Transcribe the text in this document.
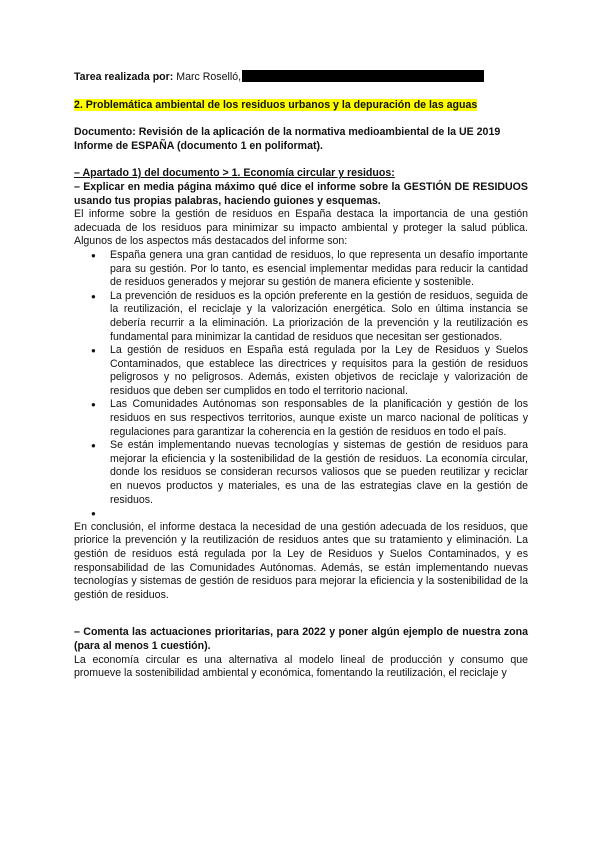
Tarea realizada por: Marc Roselló,

2. Problemática ambiental de los residuos urbanos y la depuración de las aguas

Documento: Revisión de la aplicación de la normativa medioambiental de la UE 2019

Informe de ESPAÑA (documento 1 en poliformat).

– Apartado 1) del documento > 1. Economía circular y residuos:

– Explicar en media página máximo qué dice el informe sobre la GESTIÓN DE RESIDUOS usando tus propias palabras, haciendo guiones y esquemas.

El informe sobre la gestión de residuos en España destaca la importancia de una gestión adecuada de los residuos para minimizar su impacto ambiental y proteger la salud pública. Algunos de los aspectos más destacados del informe son:

● España genera una gran cantidad de residuos, lo que representa un desafío importante para su gestión. Por lo tanto, es esencial implementar medidas para reducir la cantidad de residuos generados y mejorar su gestión de manera eficiente y sostenible.
● La prevención de residuos es la opción preferente en la gestión de residuos, seguida de la reutilización, el reciclaje y la valorización energética. Solo en última instancia se debería recurrir a la eliminación. La priorización de la prevención y la reutilización es fundamental para minimizar la cantidad de residuos que necesitan ser gestionados.
● La gestión de residuos en España está regulada por la Ley de Residuos y Suelos Contaminados, que establece las directrices y requisitos para la gestión de residuos peligrosos y no peligrosos. Además, existen objetivos de reciclaje y valorización de residuos que deben ser cumplidos en todo el territorio nacional.
● Las Comunidades Autónomas son responsables de la planificación y gestión de los residuos en sus respectivos territorios, aunque existe un marco nacional de políticas y regulaciones para garantizar la coherencia en la gestión de residuos en todo el país.
● Se están implementando nuevas tecnologías y sistemas de gestión de residuos para mejorar la eficiencia y la sostenibilidad de la gestión de residuos. La economía circular, donde los residuos se consideran recursos valiosos que se pueden reutilizar y reciclar en nuevos productos y materiales, es una de las estrategias clave en la gestión de residuos.
●

En conclusión, el informe destaca la necesidad de una gestión adecuada de los residuos, que priorice la prevención y la reutilización de residuos antes que su tratamiento y eliminación. La gestión de residuos está regulada por la Ley de Residuos y Suelos Contaminados, y es responsabilidad de las Comunidades Autónomas. Además, se están implementando nuevas tecnologías y sistemas de gestión de residuos para mejorar la eficiencia y la sostenibilidad de la gestión de residuos.

– Comenta las actuaciones prioritarias, para 2022 y poner algún ejemplo de nuestra zona (para al menos 1 cuestión).

La economía circular es una alternativa al modelo lineal de producción y consumo que promueve la sostenibilidad ambiental y económica, fomentando la reutilización, el reciclaje y
